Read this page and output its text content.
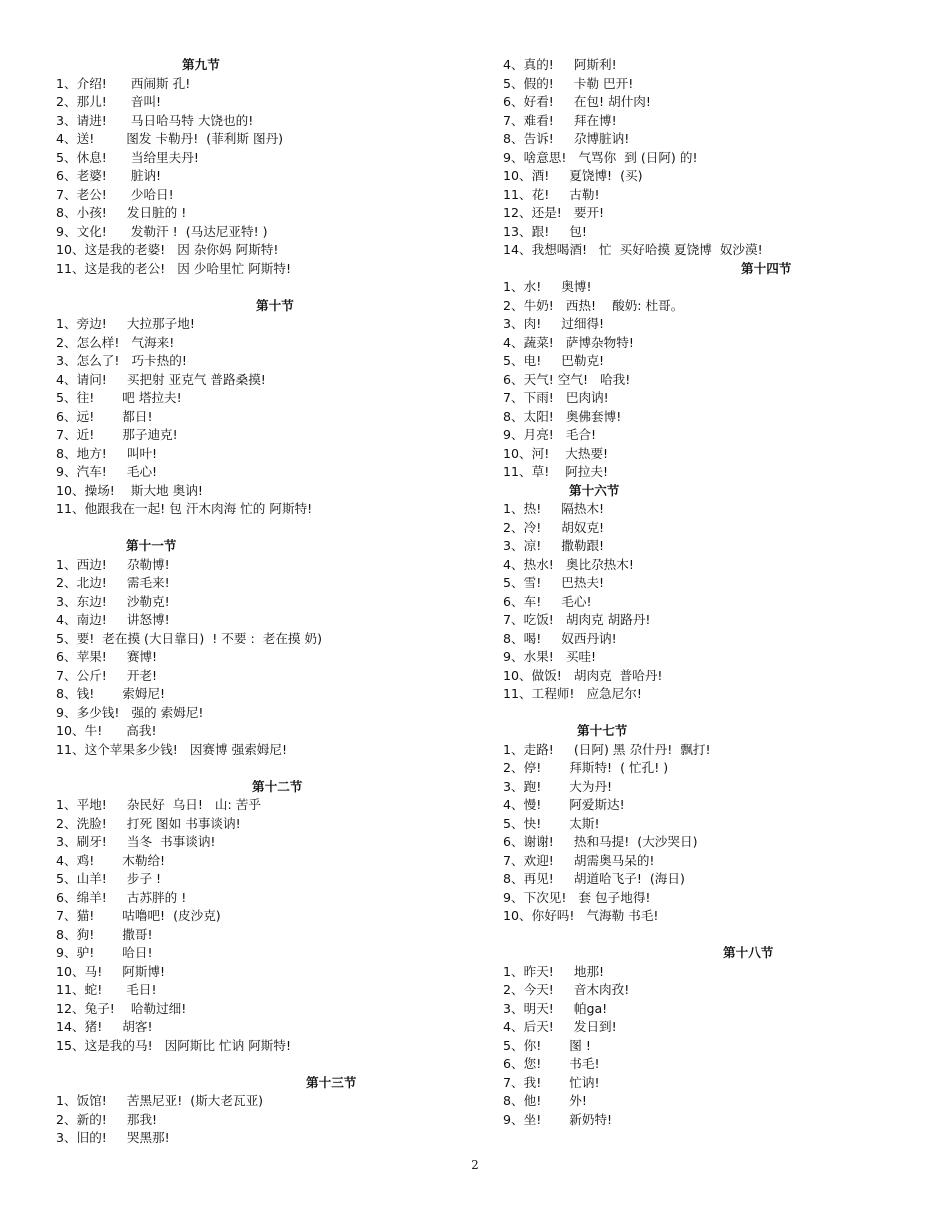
第九节
1、介绍!      西闹斯 孔!
2、那儿!      音叫!
3、请进!      马日哈马特 大饶也的!
4、送!        图发 卡勒丹!  (菲利斯 图丹)
5、休息!      当给里夫丹!
6、老婆!      脏讷!
7、老公!      少哈日!
8、小孩!     发日脏的 !
9、文化!      发勒汗 !  (马达尼亚特! )
10、这是我的老婆!   因 杂你妈 阿斯特!
11、这是我的老公!   因 少哈里忙 阿斯特!
第十节
1、旁边!     大拉那子地!
2、怎么样!   气海来!
3、怎么了!   巧卡热的!
4、请问!     买把射 亚克气 普路桑摸!
5、往!       吧 塔拉夫!
6、远!       都日!
7、近!       那子迪克!
8、地方!     叫叶!
9、汽车!     毛心!
10、操场!    斯大地 奥讷!
11、他跟我在一起! 包 汗木肉海 忙的 阿斯特!
第十一节
1、西边!     尕勒博!
2、北边!     需毛来!
3、东边!     沙勒克!
4、南边!     讲怒博!
5、要!  老在摸 (大日靠日)  ! 不要 :  老在摸 奶)
6、苹果!     赛博!
7、公斤!     开老!
8、钱!       索姆尼!
9、多少钱!   强的 索姆尼!
10、牛!      高我!
11、这个苹果多少钱!   因赛博 强索姆尼!
第十二节
1、平地!     杂民好  乌日!   山: 苦乎
2、洗脸!     打死 图如 书事谈讷!
3、刷牙!     当冬  书事谈讷!
4、鸡!       木勒给!
5、山羊!     步子 !
6、绵羊!     古苏胖的 !
7、猫!       咕噜吧!  (皮沙克)
8、狗!       撒哥!
9、驴!       哈日!
10、马!     阿斯博!
11、蛇!      毛日!
12、兔子!    哈勒过细!
14、猪!     胡客!
15、这是我的马!   因阿斯比 忙讷 阿斯特!
第十三节
1、饭馆!     苦黑尼亚!  (斯大老瓦亚)
2、新的!     那我!
3、旧的!     哭黑那!
4、真的!     阿斯利!
5、假的!     卡勒 巴开!
6、好看!     在包! 胡什肉!
7、难看!     拜在博!
8、告诉!     尕博脏讷!
9、啥意思!   气骂你  到 (日阿) 的!
10、酒!     夏饶博!  (买)
11、花!     古勒!
12、还是!   要开!
13、跟!     包!
14、我想喝酒!   忙  买好哈摸 夏饶博  奴沙漠!
第十四节
1、水!     奥博!
2、牛奶!   西热!    酸奶: 杜哥。
3、肉!     过细得!
4、蔬菜!   萨博杂物特!
5、电!     巴勒克!
6、天气! 空气!   哈我!
7、下雨!   巴肉讷!
8、太阳!   奥佛套博!
9、月亮!   毛合!
10、河!    大热要!
11、草!    阿拉夫!
第十六节
1、热!     隔热木!
2、冷!     胡奴克!
3、凉!     撒勒跟!
4、热水!   奥比尕热木!
5、雪!     巴热夫!
6、车!     毛心!
7、吃饭!   胡肉克 胡路丹!
8、喝!     奴西丹讷!
9、水果!   买哇!
10、做饭!   胡肉克  普哈丹!
11、工程师!   应急尼尔!
第十七节
1、走路!     (日阿) 黑 尕什丹!  飘打!
2、停!       拜斯特!  ( 忙孔! )
3、跑!       大为丹!
4、慢!       阿爱斯达!
5、快!       太斯!
6、谢谢!     热和马提!  (大沙哭日)
7、欢迎!     胡需奥马呆的!
8、再见!     胡道哈飞子!  (海日)
9、下次见!   套 包子地得!
10、你好吗!   气海勒 书毛!
第十八节
1、昨天!     地那!
2、今天!     音木肉孜!
3、明天!     帕ga!
4、后天!     发日到!
5、你!       图 !
6、您!       书毛!
7、我!       忙讷!
8、他!       外!
9、坐!       新奶特!
2
